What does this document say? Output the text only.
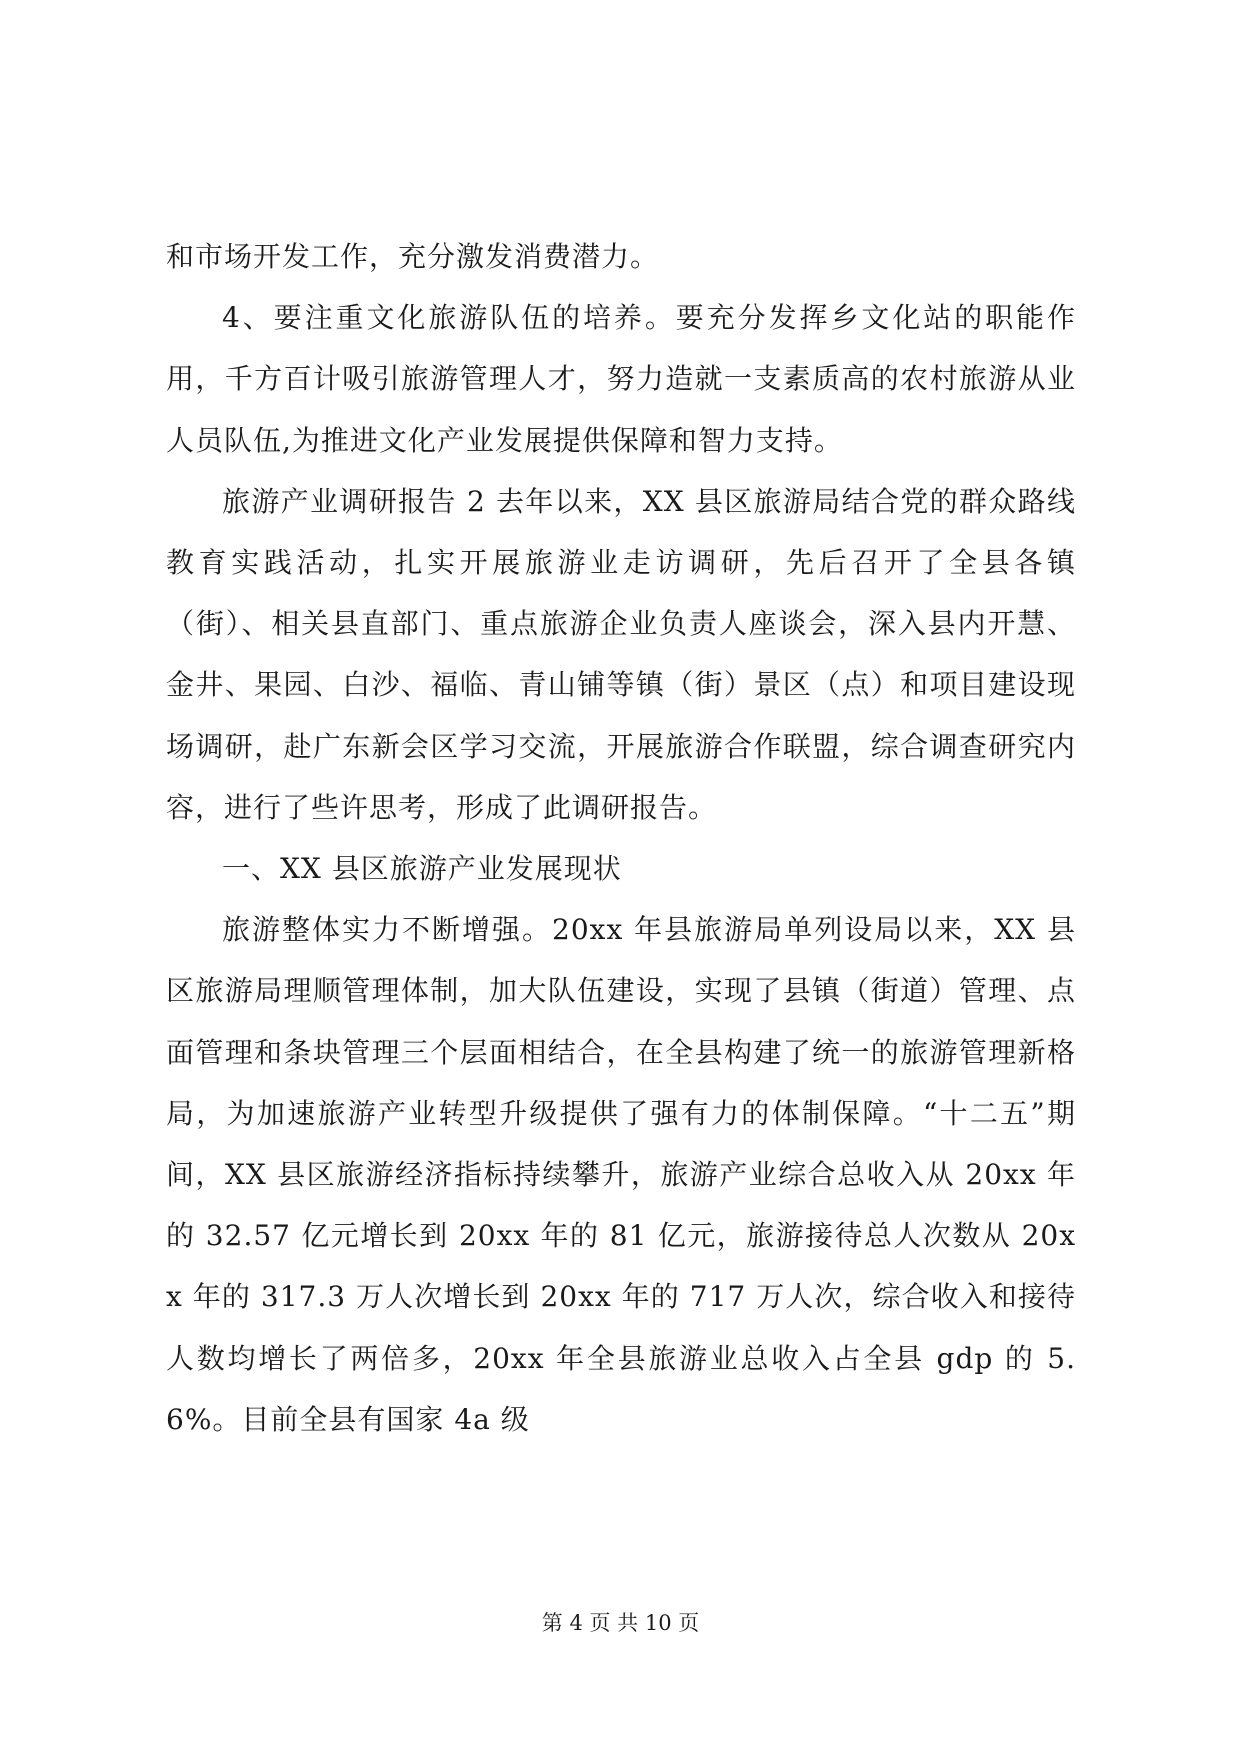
和市场开发工作，充分激发消费潜力。

4、要注重文化旅游队伍的培养。要充分发挥乡文化站的职能作用，千方百计吸引旅游管理人才，努力造就一支素质高的农村旅游从业人员队伍,为推进文化产业发展提供保障和智力支持。

旅游产业调研报告 2 去年以来，XX 县区旅游局结合党的群众路线教育实践活动，扎实开展旅游业走访调研，先后召开了全县各镇（街）、相关县直部门、重点旅游企业负责人座谈会，深入县内开慧、金井、果园、白沙、福临、青山铺等镇（街）景区（点）和项目建设现场调研，赴广东新会区学习交流，开展旅游合作联盟，综合调查研究内容，进行了些许思考，形成了此调研报告。

一、XX 县区旅游产业发展现状

旅游整体实力不断增强。20xx 年县旅游局单列设局以来，XX 县区旅游局理顺管理体制，加大队伍建设，实现了县镇（街道）管理、点面管理和条块管理三个层面相结合，在全县构建了统一的旅游管理新格局，为加速旅游产业转型升级提供了强有力的体制保障。“十二五”期间，XX 县区旅游经济指标持续攀升，旅游产业综合总收入从 20xx 年的 32.57 亿元增长到 20xx 年的 81 亿元，旅游接待总人次数从 20xx 年的 317.3 万人次增长到 20xx 年的 717 万人次，综合收入和接待人数均增长了两倍多，20xx 年全县旅游业总收入占全县 gdp 的 5.6%。目前全县有国家 4a 级

第 4 页 共 10 页
